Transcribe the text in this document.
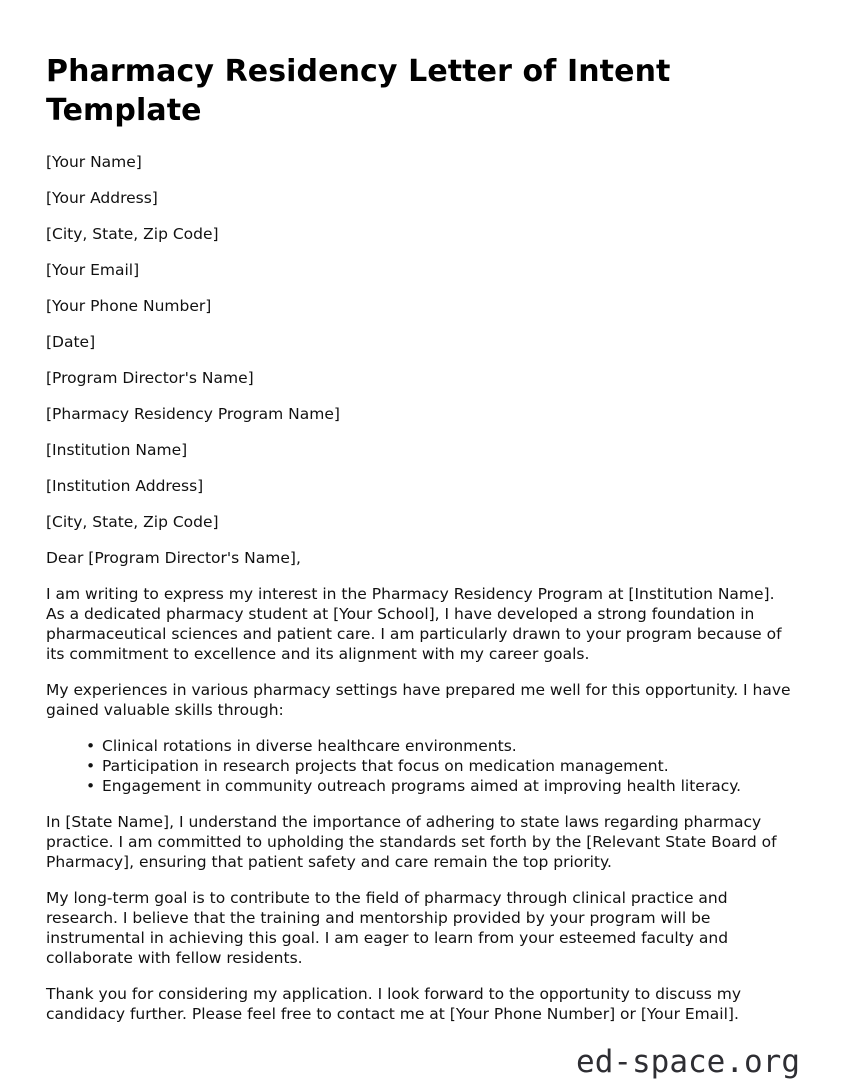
Pharmacy Residency Letter of Intent Template

[Your Name]

[Your Address]

[City, State, Zip Code]

[Your Email]

[Your Phone Number]

[Date]

[Program Director's Name]

[Pharmacy Residency Program Name]

[Institution Name]

[Institution Address]

[City, State, Zip Code]

Dear [Program Director's Name],

I am writing to express my interest in the Pharmacy Residency Program at [Institution Name]. As a dedicated pharmacy student at [Your School], I have developed a strong foundation in pharmaceutical sciences and patient care. I am particularly drawn to your program because of its commitment to excellence and its alignment with my career goals.

My experiences in various pharmacy settings have prepared me well for this opportunity. I have gained valuable skills through:

• Clinical rotations in diverse healthcare environments.
• Participation in research projects that focus on medication management.
• Engagement in community outreach programs aimed at improving health literacy.

In [State Name], I understand the importance of adhering to state laws regarding pharmacy practice. I am committed to upholding the standards set forth by the [Relevant State Board of Pharmacy], ensuring that patient safety and care remain the top priority.

My long-term goal is to contribute to the field of pharmacy through clinical practice and research. I believe that the training and mentorship provided by your program will be instrumental in achieving this goal. I am eager to learn from your esteemed faculty and collaborate with fellow residents.

Thank you for considering my application. I look forward to the opportunity to discuss my candidacy further. Please feel free to contact me at [Your Phone Number] or [Your Email].

ed-space.org
